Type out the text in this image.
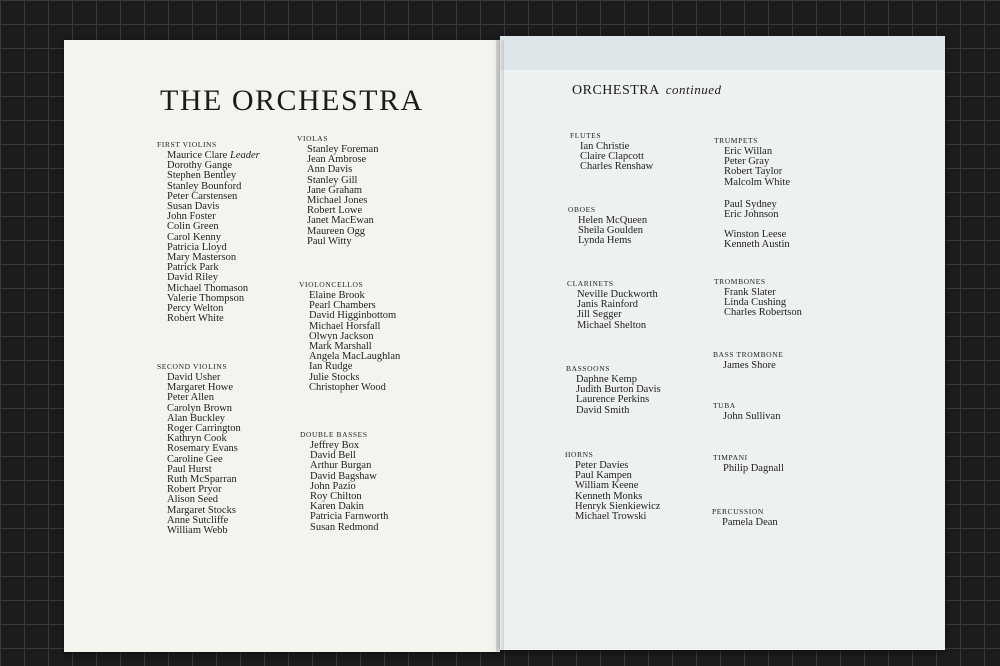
THE ORCHESTRA	ORCHESTRA continued
FIRST VIOLINS
Maurice Clare Leader
Dorothy Gange
Stephen Bentley
Stanley Bounford
Peter Carstensen
Susan Davis
John Foster
Colin Green
Carol Kenny
Patricia Lloyd
Mary Masterson
Patrick Park
David Riley
Michael Thomason
Valerie Thompson
Percy Welton
Robert White
SECOND VIOLINS
David Usher
Margaret Howe
Peter Allen
Carolyn Brown
Alan Buckley
Roger Carrington
Kathryn Cook
Rosemary Evans
Caroline Gee
Paul Hurst
Ruth McSparran
Robert Pryor
Alison Seed
Margaret Stocks
Anne Sutcliffe
William Webb
VIOLAS
Stanley Foreman
Jean Ambrose
Ann Davis
Stanley Gill
Jane Graham
Michael Jones
Robert Lowe
Janet MacEwan
Maureen Ogg
Paul Witty
VIOLONCELLOS
Elaine Brook
Pearl Chambers
David Higginbottom
Michael Horsfall
Olwyn Jackson
Mark Marshall
Angela MacLaughlan
Ian Rudge
Julie Stocks
Christopher Wood
DOUBLE BASSES
Jeffrey Box
David Bell
Arthur Burgan
David Bagshaw
John Pazio
Roy Chilton
Karen Dakin
Patricia Farnworth
Susan Redmond
FLUTES
Ian Christie
Claire Clapcott
Charles Renshaw
OBOES
Helen McQueen
Sheila Goulden
Lynda Hems
CLARINETS
Neville Duckworth
Janis Rainford
Jill Segger
Michael Shelton
BASSOONS
Daphne Kemp
Judith Burton Davis
Laurence Perkins
David Smith
HORNS
Peter Davies
Paul Kampen
William Keene
Kenneth Monks
Henryk Sienkiewicz
Michael Trowski
TRUMPETS
Eric Willan
Peter Gray
Robert Taylor
Malcolm White
Paul Sydney
Eric Johnson
Winston Leese
Kenneth Austin
TROMBONES
Frank Slater
Linda Cushing
Charles Robertson
BASS TROMBONE
James Shore
TUBA
John Sullivan
TIMPANI
Philip Dagnall
PERCUSSION
Pamela Dean
